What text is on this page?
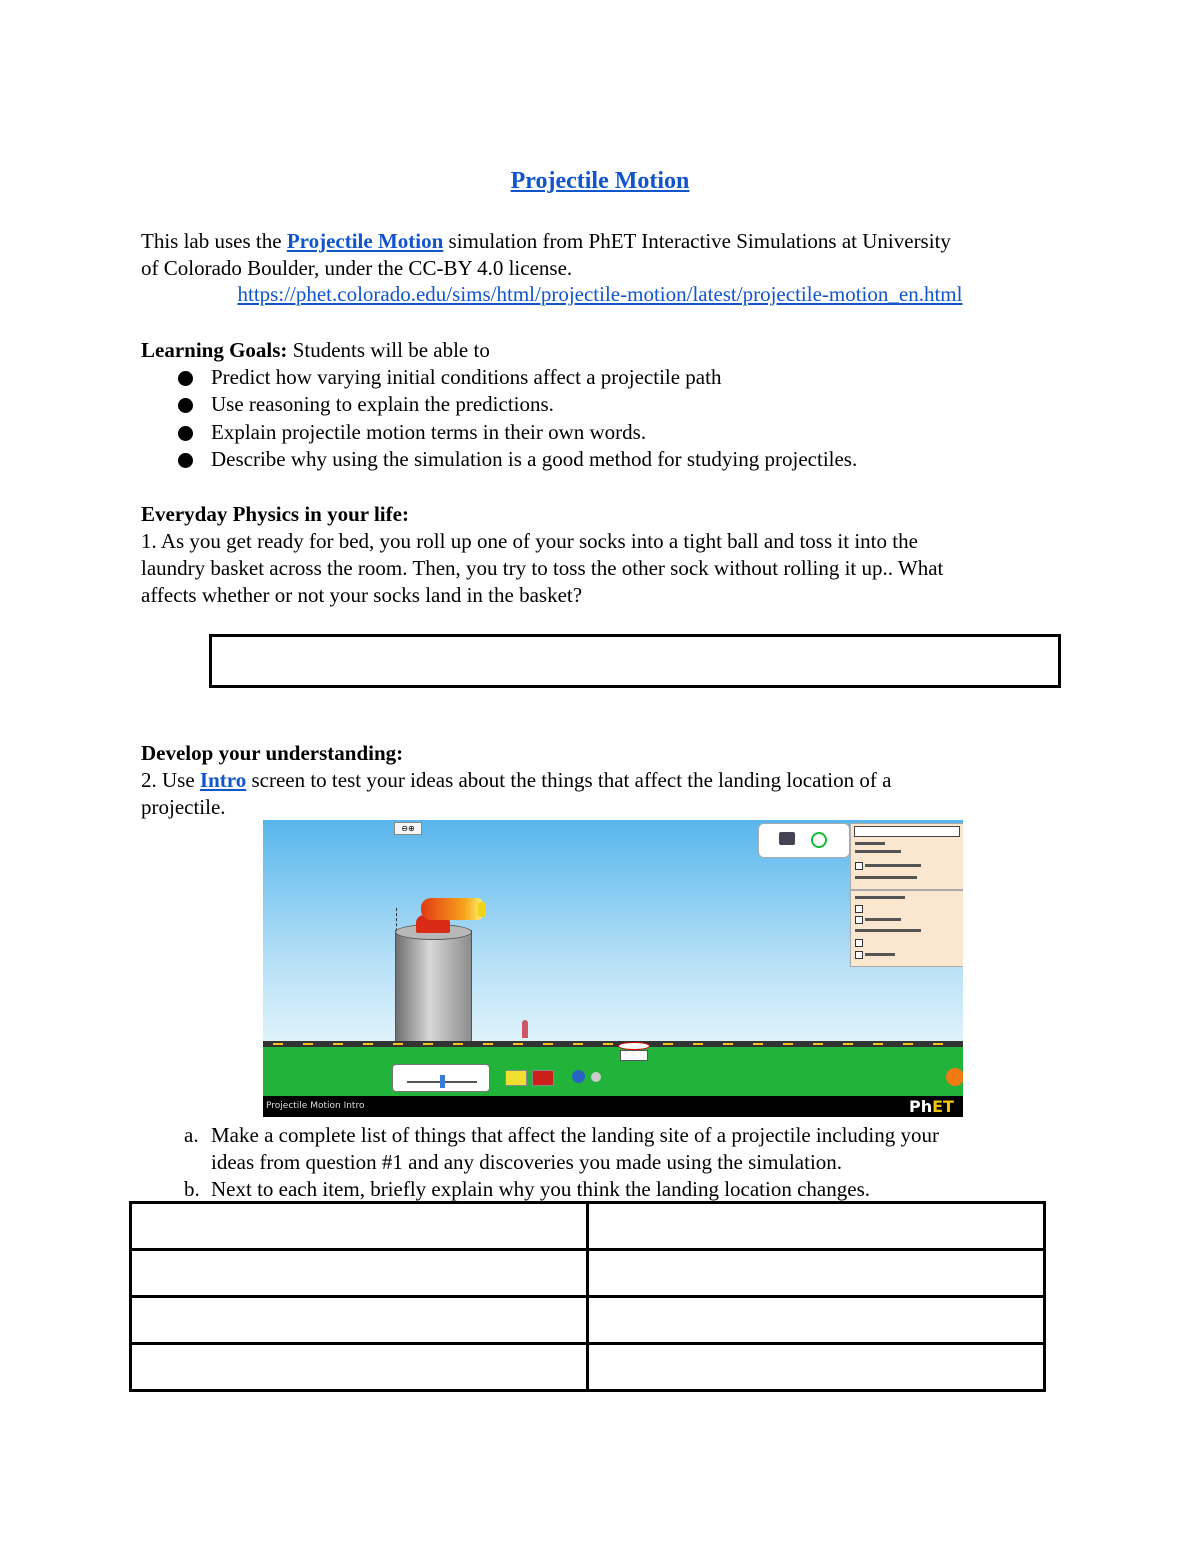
Projectile Motion
This lab uses the Projectile Motion simulation from PhET Interactive Simulations at University
of Colorado Boulder, under the CC-BY 4.0 license.
https://phet.colorado.edu/sims/html/projectile-motion/latest/projectile-motion_en.html
Learning Goals: Students will be able to
Predict how varying initial conditions affect a projectile path
Use reasoning to explain the predictions.
Explain projectile motion terms in their own words.
Describe why using the simulation is a good method for studying projectiles.
Everyday Physics in your life:
1. As you get ready for bed, you roll up one of your socks into a tight ball and toss it into the
laundry basket across the room. Then, you try to toss the other sock without rolling it up.. What
affects whether or not your socks land in the basket?
Develop your understanding:
2. Use Intro screen to test your ideas about the things that affect the landing location of a
projectile.
⊖⊕
Projectile Motion Intro	PhET
a. Make a complete list of things that affect the landing site of a projectile including your
ideas from question #1 and any discoveries you made using the simulation.
b. Next to each item, briefly explain why you think the landing location changes.
